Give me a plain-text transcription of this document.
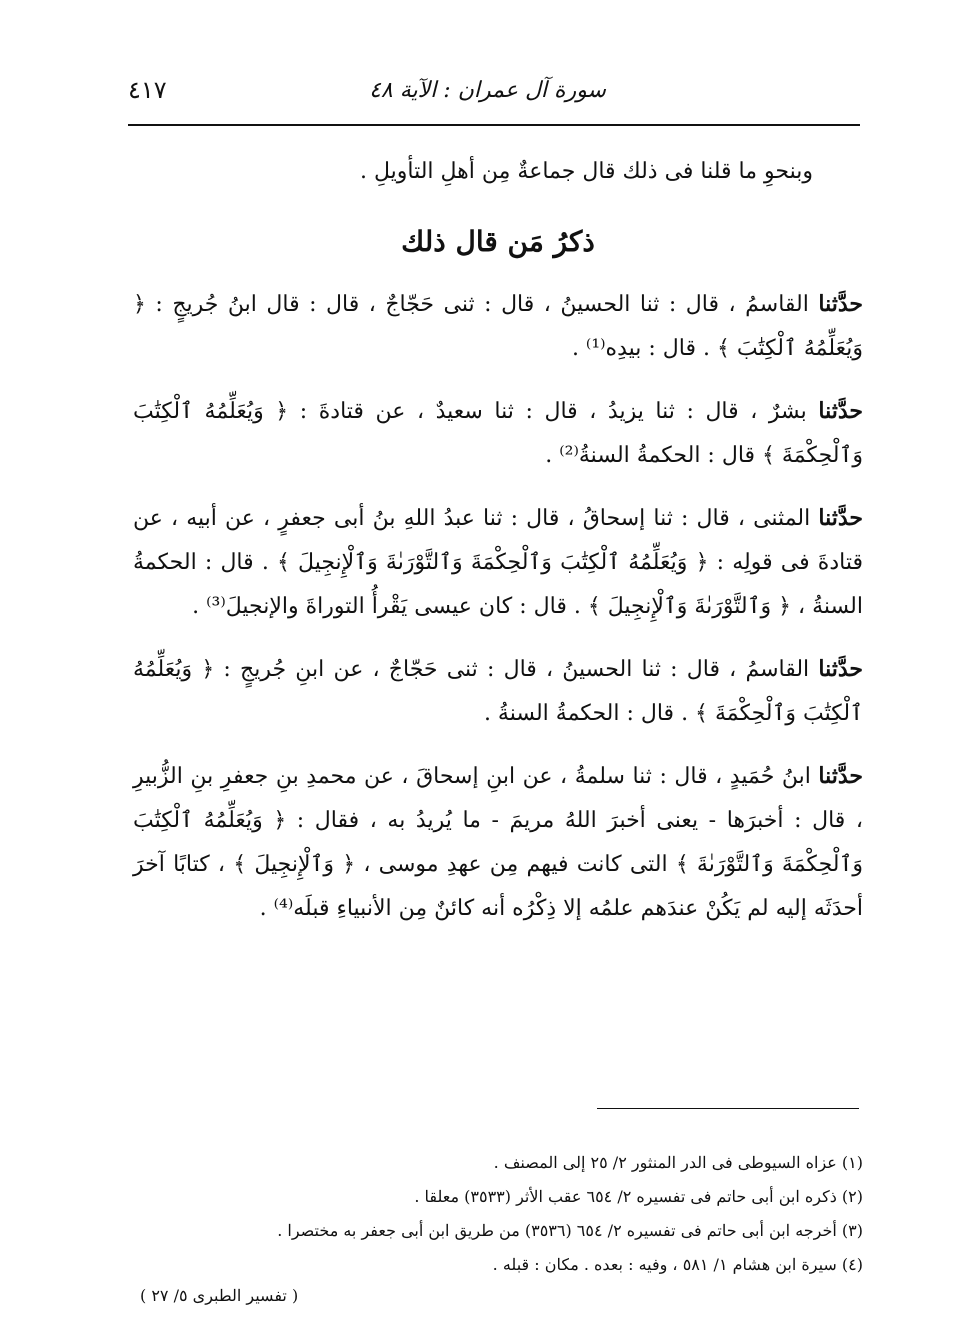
سورة آل عمران : الآية ٤٨
٤١٧

وبنحوِ ما قلنا فى ذلك قال جماعةٌ مِن أهلِ التأويلِ .

ذكرُ مَن قال ذلك

حدَّثنا القاسمُ ، قال : ثنا الحسينُ ، قال : ثنى حَجّاجٌ ، قال : قال ابنُ جُريجٍ : ﴿ وَيُعَلِّمُهُ ٱلْكِتَٰبَ ﴾ . قال : بيدِه⁽¹⁾ .

حدَّثنا بشرٌ ، قال : ثنا يزيدُ ، قال : ثنا سعيدٌ ، عن قتادةَ : ﴿ وَيُعَلِّمُهُ ٱلْكِتَٰبَ وَٱلْحِكْمَةَ ﴾ قال : الحكمةُ السنةُ⁽²⁾ .

حدَّثنا المثنى ، قال : ثنا إسحاقُ ، قال : ثنا عبدُ اللهِ بنُ أبى جعفرٍ ، عن أبيه ، عن قتادةَ فى قولِه : ﴿ وَيُعَلِّمُهُ ٱلْكِتَٰبَ وَٱلْحِكْمَةَ وَٱلتَّوْرَىٰةَ وَٱلْإِنجِيلَ ﴾ . قال : الحكمةُ السنةُ ، ﴿ وَٱلتَّوْرَىٰةَ وَٱلْإِنجِيلَ ﴾ . قال : كان عيسى يَقْرأُ التوراةَ والإنجيلَ⁽³⁾ .

حدَّثنا القاسمُ ، قال : ثنا الحسينُ ، قال : ثنى حَجّاجٌ ، عن ابنِ جُريجٍ : ﴿ وَيُعَلِّمُهُ ٱلْكِتَٰبَ وَٱلْحِكْمَةَ ﴾ . قال : الحكمةُ السنةُ .

حدَّثنا ابنُ حُمَيدٍ ، قال : ثنا سلمةُ ، عن ابنِ إسحاقَ ، عن محمدِ بنِ جعفرِ بنِ الزُّبيرِ ، قال : أخبرَها - يعنى أخبرَ اللهُ مريمَ - ما يُريدُ به ، فقال : ﴿ وَيُعَلِّمُهُ ٱلْكِتَٰبَ وَٱلْحِكْمَةَ وَٱلتَّوْرَىٰةَ ﴾ التى كانت فيهم مِن عهدِ موسى ، ﴿ وَٱلْإِنجِيلَ ﴾ ، كتابًا آخرَ أحدَثَه إليه لم يَكُنْ عندَهم علمُه إلا ذِكْرُه أنه كائنٌ مِن الأنبياءِ قبلَه⁽⁴⁾ .

(١) عزاه السيوطى فى الدر المنثور ٢/ ٢٥ إلى المصنف .

(٢) ذكره ابن أبى حاتم فى تفسيره ٢/ ٦٥٤ عقب الأثر (٣٥٣٣) معلقا .

(٣) أخرجه ابن أبى حاتم فى تفسيره ٢/ ٦٥٤ (٣٥٣٦) من طريق ابن أبى جعفر به مختصرا .

(٤) سيرة ابن هشام ١/ ٥٨١ ، وفيه : بعده . مكان : قبله .

( تفسير الطبرى ٥/ ٢٧ )
